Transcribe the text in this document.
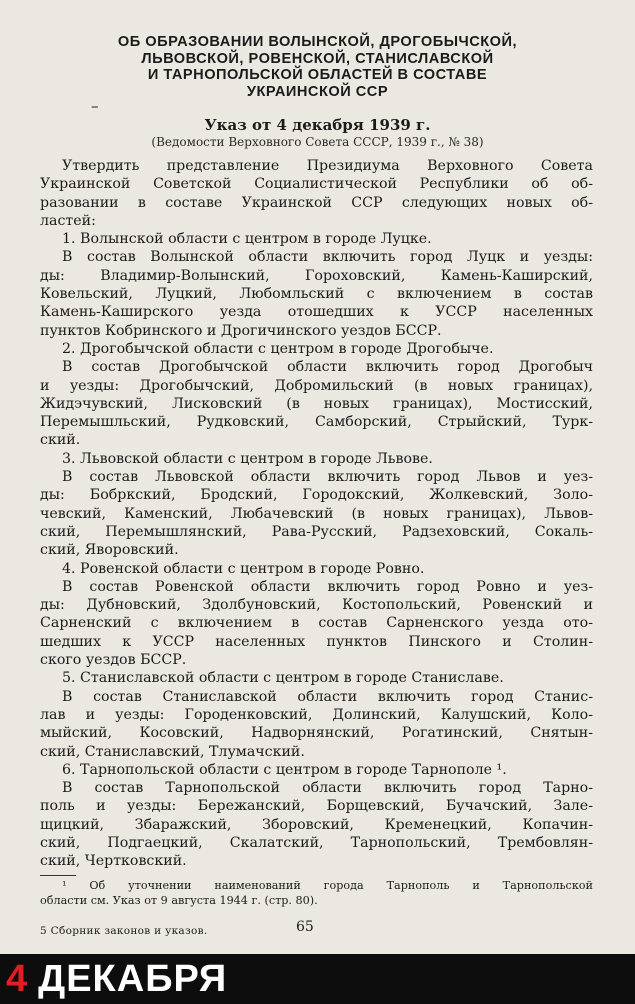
ОБ ОБРАЗОВАНИИ ВОЛЫНСКОЙ, ДРОГОБЫЧСКОЙ,
ЛЬВОВСКОЙ, РОВЕНСКОЙ, СТАНИСЛАВСКОЙ
И ТАРНОПОЛЬСКОЙ ОБЛАСТЕЙ В СОСТАВЕ
УКРАИНСКОЙ ССР
–
Указ от 4 декабря 1939 г.
(Ведомости Верховного Совета СССР, 1939 г., № 38)
Утвердить представление Президиума Верховного Совета
Украинской Советской Социалистической Республики об об-
разовании в составе Украинской ССР следующих новых об-
ластей:
1. Волынской области с центром в городе Луцке.
В состав Волынской области включить город Луцк и уезды:
ды: Владимир-Волынский, Гороховский, Камень-Каширский,
Ковельский, Луцкий, Любомльский с включением в состав
Камень-Каширского уезда отошедших к УССР населенных
пунктов Кобринского и Дрогичинского уездов БССР.
2. Дрогобычской области с центром в городе Дрогобыче.
В состав Дрогобычской области включить город Дрогобыч
и уезды: Дрогобычский, Добромильский (в новых границах),
Жидэчувский, Лисковский (в новых границах), Мостисский,
Перемышльский, Рудковский, Самборский, Стрыйский, Турк-
ский.
3. Львовской области с центром в городе Львове.
В состав Львовской области включить город Львов и уез-
ды: Бобркский, Бродский, Городокский, Жолкевский, Золо-
чевский, Каменский, Любачевский (в новых границах), Львов-
ский, Перемышлянский, Рава-Русский, Радзеховский, Сокаль-
ский, Яворовский.
4. Ровенской области с центром в городе Ровно.
В состав Ровенской области включить город Ровно и уез-
ды: Дубновский, Здолбуновский, Костопольский, Ровенский и
Сарненский с включением в состав Сарненского уезда ото-
шедших к УССР населенных пунктов Пинского и Столин-
ского уездов БССР.
5. Станиславской области с центром в городе Станиславе.
В состав Станиславской области включить город Станис-
лав и уезды: Городенковский, Долинский, Калушский, Коло-
мыйский, Косовский, Надворнянский, Рогатинский, Снятын-
ский, Станиславский, Тлумачский.
6. Тарнопольской области с центром в городе Тарнополе ¹.
В состав Тарнопольской области включить город Тарно-
поль и уезды: Бережанский, Борщевский, Бучачский, Зале-
щицкий, Збаражский, Зборовский, Кременецкий, Копачин-
ский, Подгаецкий, Скалатский, Тарнопольский, Трембовлян-
ский, Чертковский.
¹ Об уточнении наименований города Тарнополь и Тарнопольской
области см. Указ от 9 августа 1944 г. (стр. 80).
5 Сборник законов и указов.	65
4 ДЕКАБРЯ
